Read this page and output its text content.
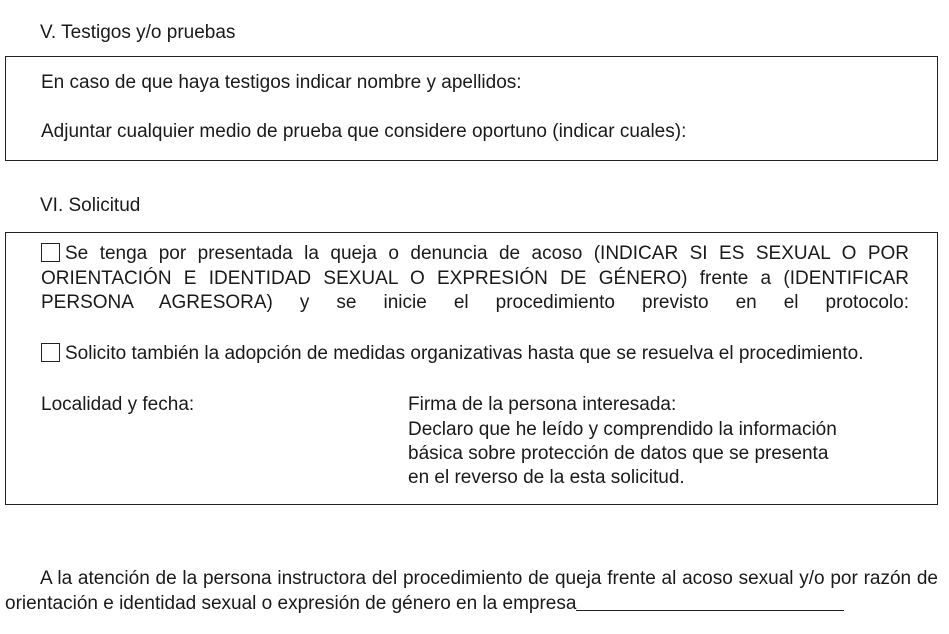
V. Testigos y/o pruebas
En caso de que haya testigos indicar nombre y apellidos:
Adjuntar cualquier medio de prueba que considere oportuno (indicar cuales):
VI. Solicitud
Se tenga por presentada la queja o denuncia de acoso (INDICAR SI ES SEXUAL O POR ORIENTACIÓN E IDENTIDAD SEXUAL O EXPRESIÓN DE GÉNERO) frente a (IDENTIFICAR PERSONA AGRESORA) y se inicie el procedimiento previsto en el protocolo:
Solicito también la adopción de medidas organizativas hasta que se resuelva el procedimiento.
Localidad y fecha:	Firma de la persona interesada:
Declaro que he leído y comprendido la información
básica sobre protección de datos que se presenta
en el reverso de la esta solicitud.
A la atención de la persona instructora del procedimiento de queja frente al acoso sexual y/o por razón de orientación e identidad sexual o expresión de género en la empresa
